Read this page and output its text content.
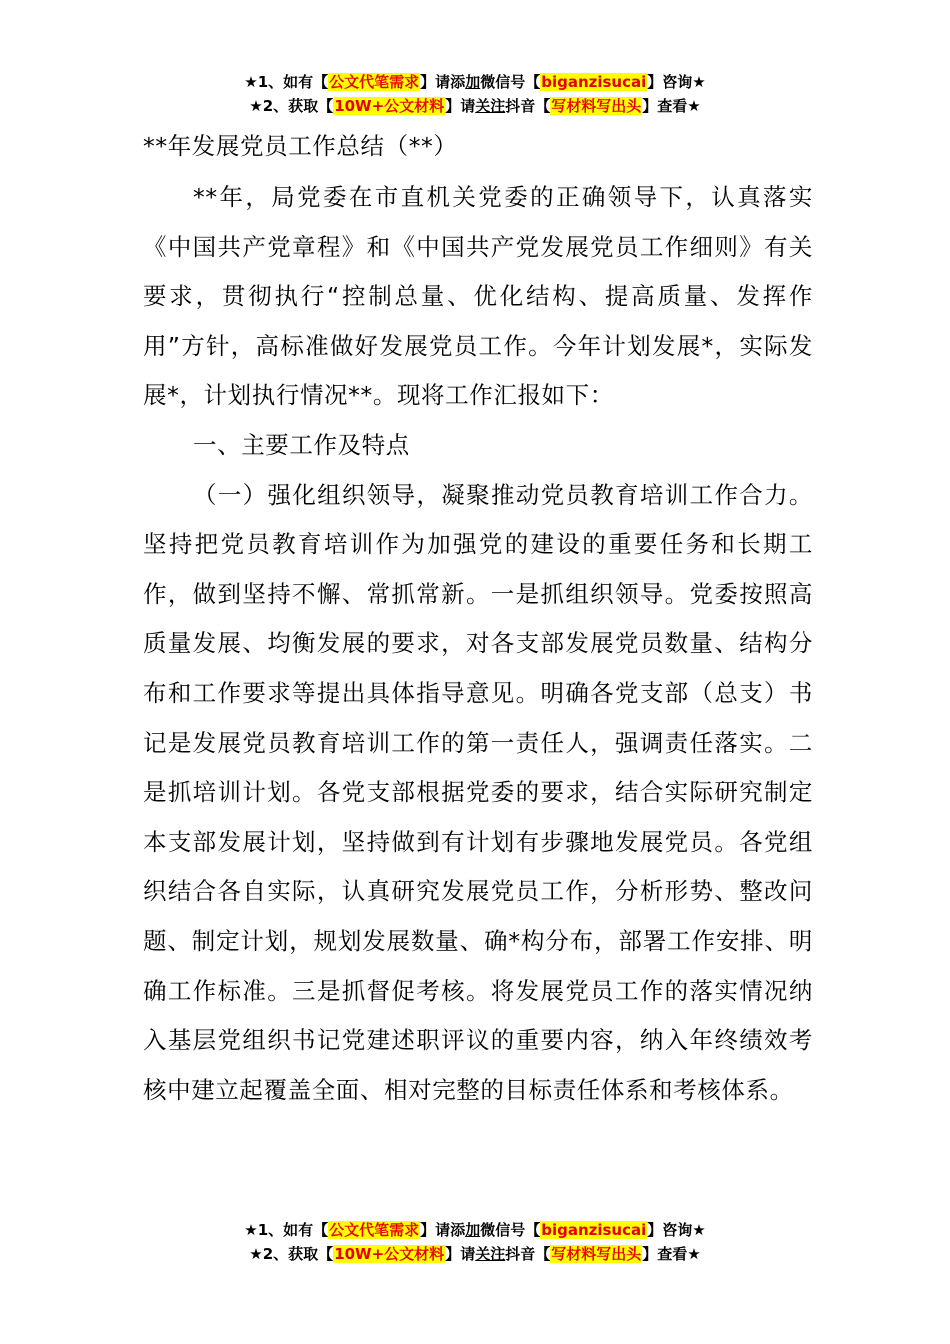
★1、如有【公文代笔需求】请添加微信号【biganzisucai】咨询★
★2、获取【10W+公文材料】请关注抖音【写材料写出头】查看★

**年发展党员工作总结（**）

**年，局党委在市直机关党委的正确领导下，认真落实《中国共产党章程》和《中国共产党发展党员工作细则》有关要求，贯彻执行“控制总量、优化结构、提高质量、发挥作用”方针，高标准做好发展党员工作。今年计划发展*，实际发展*，计划执行情况**。现将工作汇报如下：

一、主要工作及特点

（一）强化组织领导，凝聚推动党员教育培训工作合力。坚持把党员教育培训作为加强党的建设的重要任务和长期工作，做到坚持不懈、常抓常新。一是抓组织领导。党委按照高质量发展、均衡发展的要求，对各支部发展党员数量、结构分布和工作要求等提出具体指导意见。明确各党支部（总支）书记是发展党员教育培训工作的第一责任人，强调责任落实。二是抓培训计划。各党支部根据党委的要求，结合实际研究制定本支部发展计划，坚持做到有计划有步骤地发展党员。各党组织结合各自实际，认真研究发展党员工作，分析形势、整改问题、制定计划，规划发展数量、确*构分布，部署工作安排、明确工作标准。三是抓督促考核。将发展党员工作的落实情况纳入基层党组织书记党建述职评议的重要内容，纳入年终绩效考核中建立起覆盖全面、相对完整的目标责任体系和考核体系。

★1、如有【公文代笔需求】请添加微信号【biganzisucai】咨询★
★2、获取【10W+公文材料】请关注抖音【写材料写出头】查看★
